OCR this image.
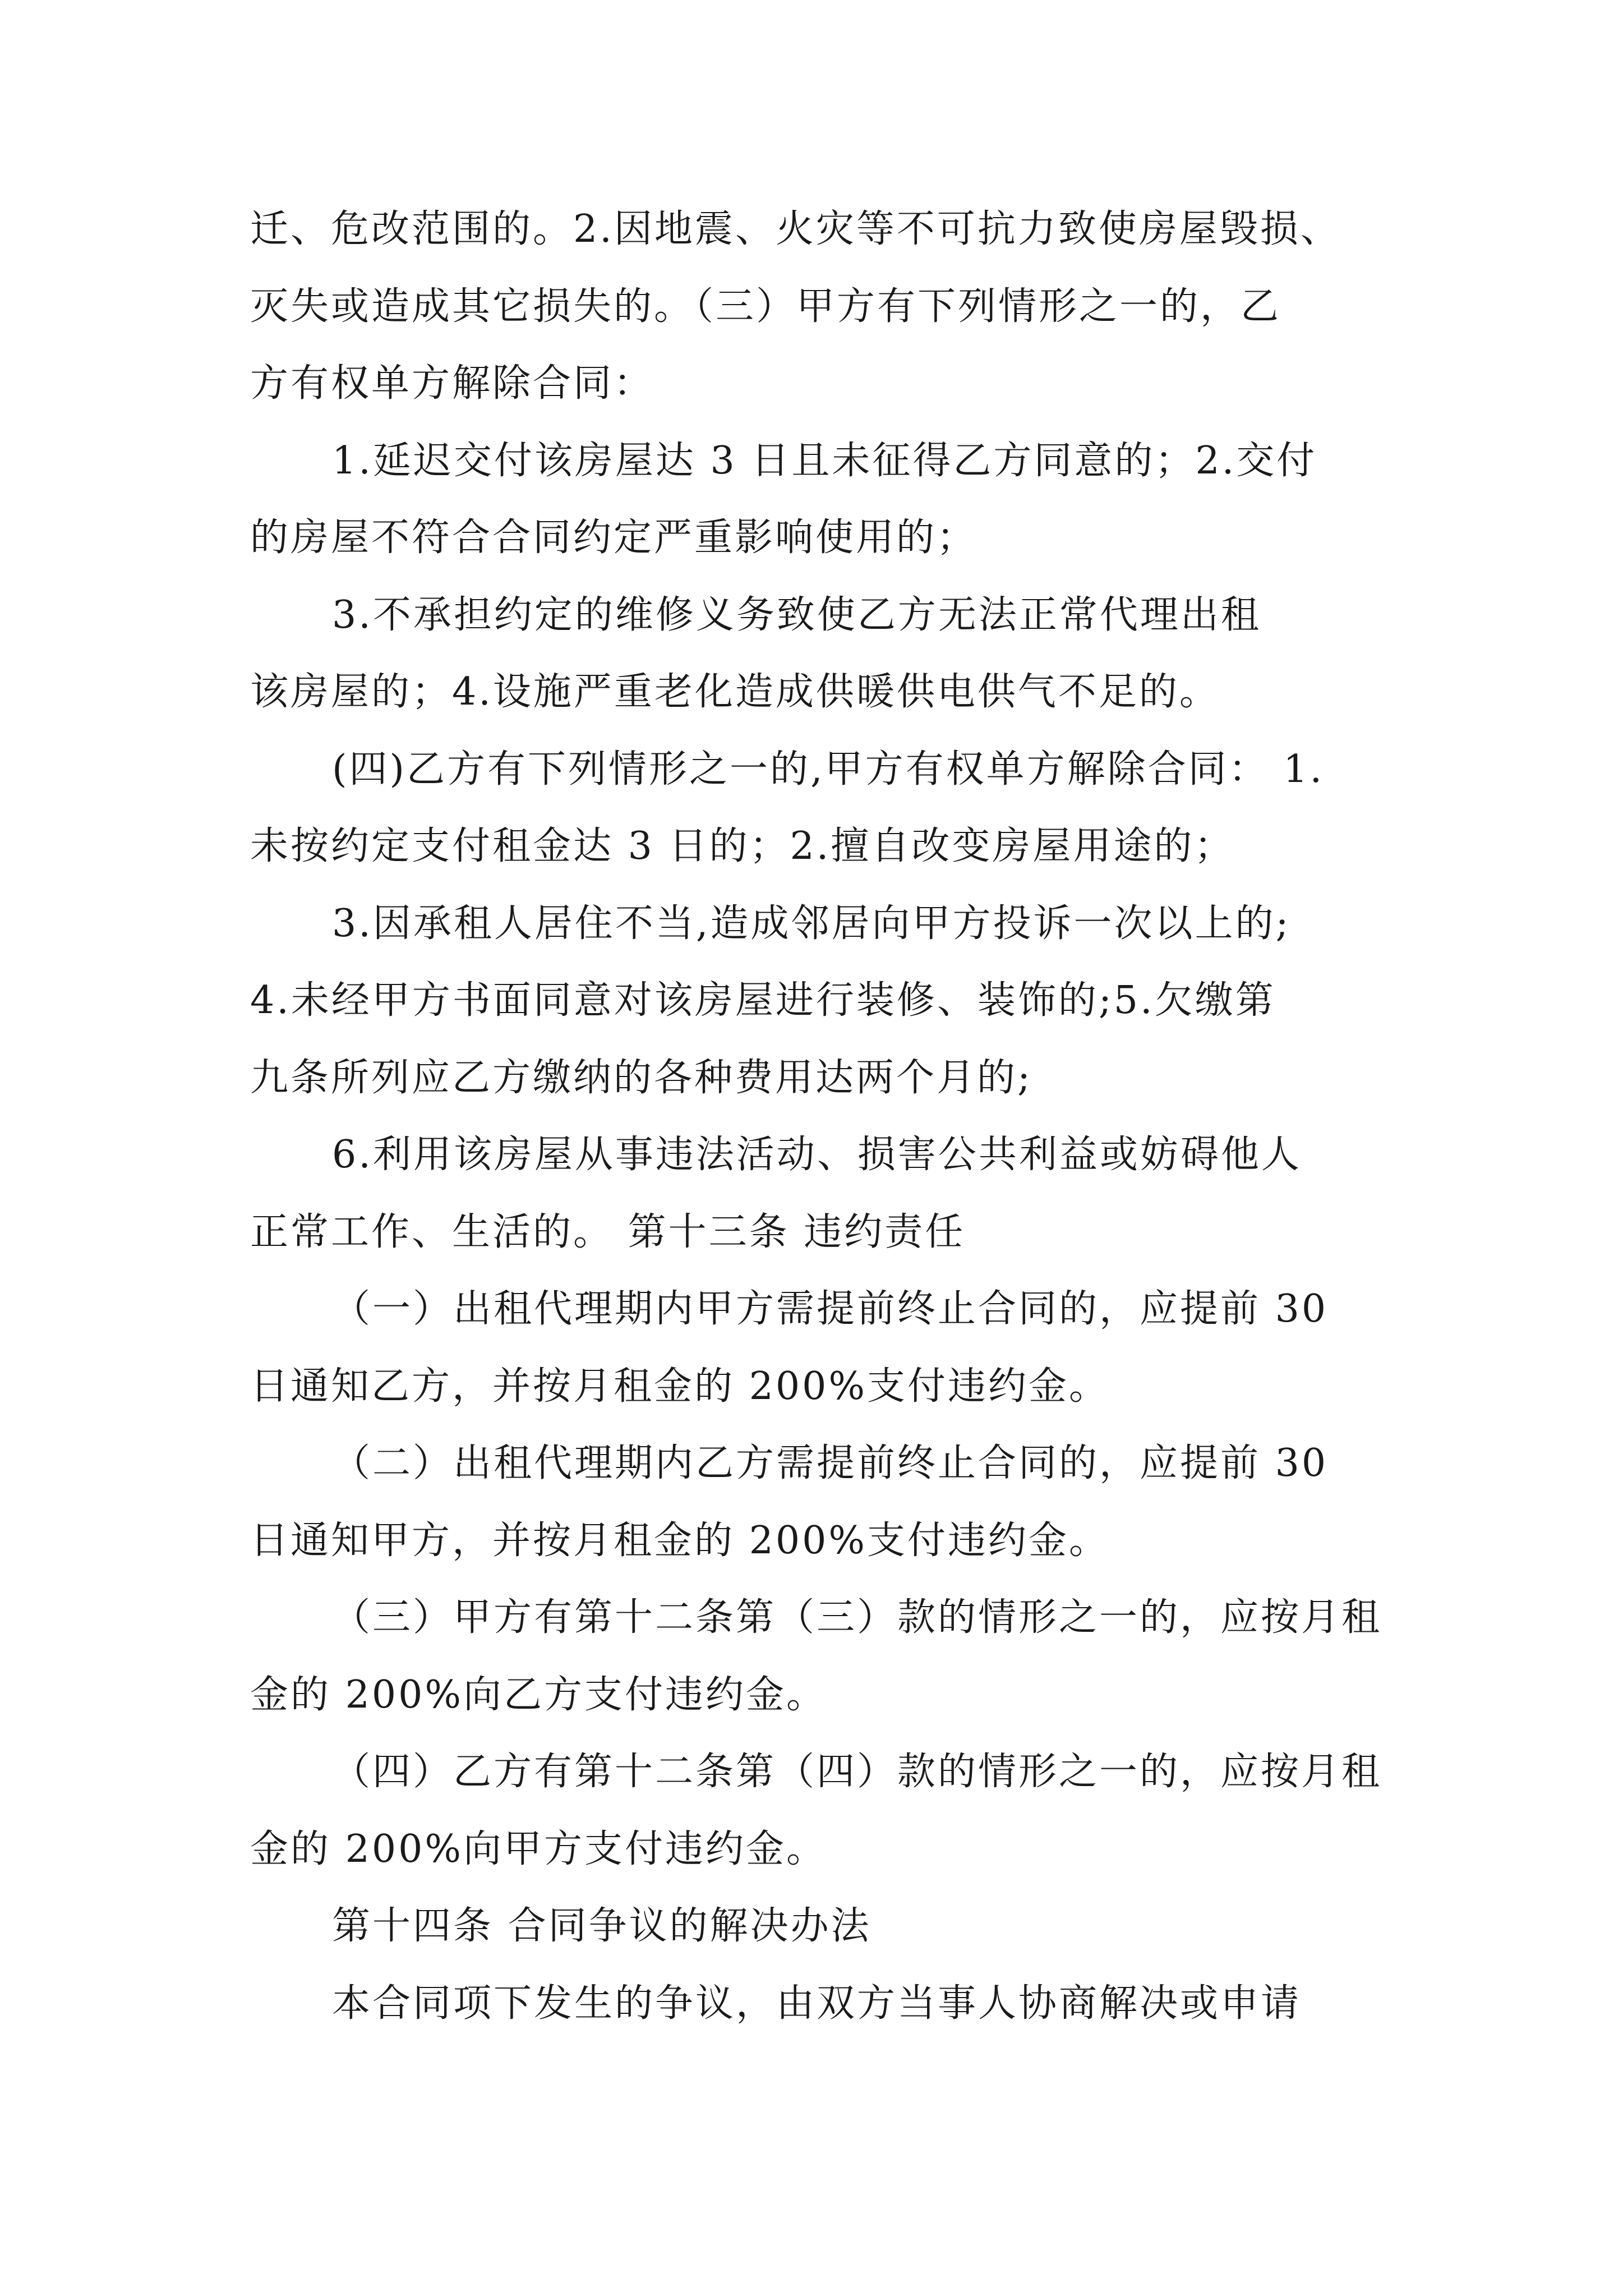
迁、危改范围的。2.因地震、火灾等不可抗力致使房屋毁损、
灭失或造成其它损失的。（三）甲方有下列情形之一的，乙
方有权单方解除合同：
1.延迟交付该房屋达 3 日且未征得乙方同意的；2.交付
的房屋不符合合同约定严重影响使用的；
3.不承担约定的维修义务致使乙方无法正常代理出租
该房屋的；4.设施严重老化造成供暖供电供气不足的。
(四)乙方有下列情形之一的,甲方有权单方解除合同： 1.
未按约定支付租金达 3 日的；2.擅自改变房屋用途的；
3.因承租人居住不当,造成邻居向甲方投诉一次以上的;
4.未经甲方书面同意对该房屋进行装修、装饰的;5.欠缴第
九条所列应乙方缴纳的各种费用达两个月的;
6.利用该房屋从事违法活动、损害公共利益或妨碍他人
正常工作、生活的。 第十三条 违约责任
（一）出租代理期内甲方需提前终止合同的，应提前 30
日通知乙方，并按月租金的 200%支付违约金。
（二）出租代理期内乙方需提前终止合同的，应提前 30
日通知甲方，并按月租金的 200%支付违约金。
（三）甲方有第十二条第（三）款的情形之一的，应按月租
金的 200%向乙方支付违约金。
（四）乙方有第十二条第（四）款的情形之一的，应按月租
金的 200%向甲方支付违约金。
第十四条 合同争议的解决办法
本合同项下发生的争议，由双方当事人协商解决或申请
